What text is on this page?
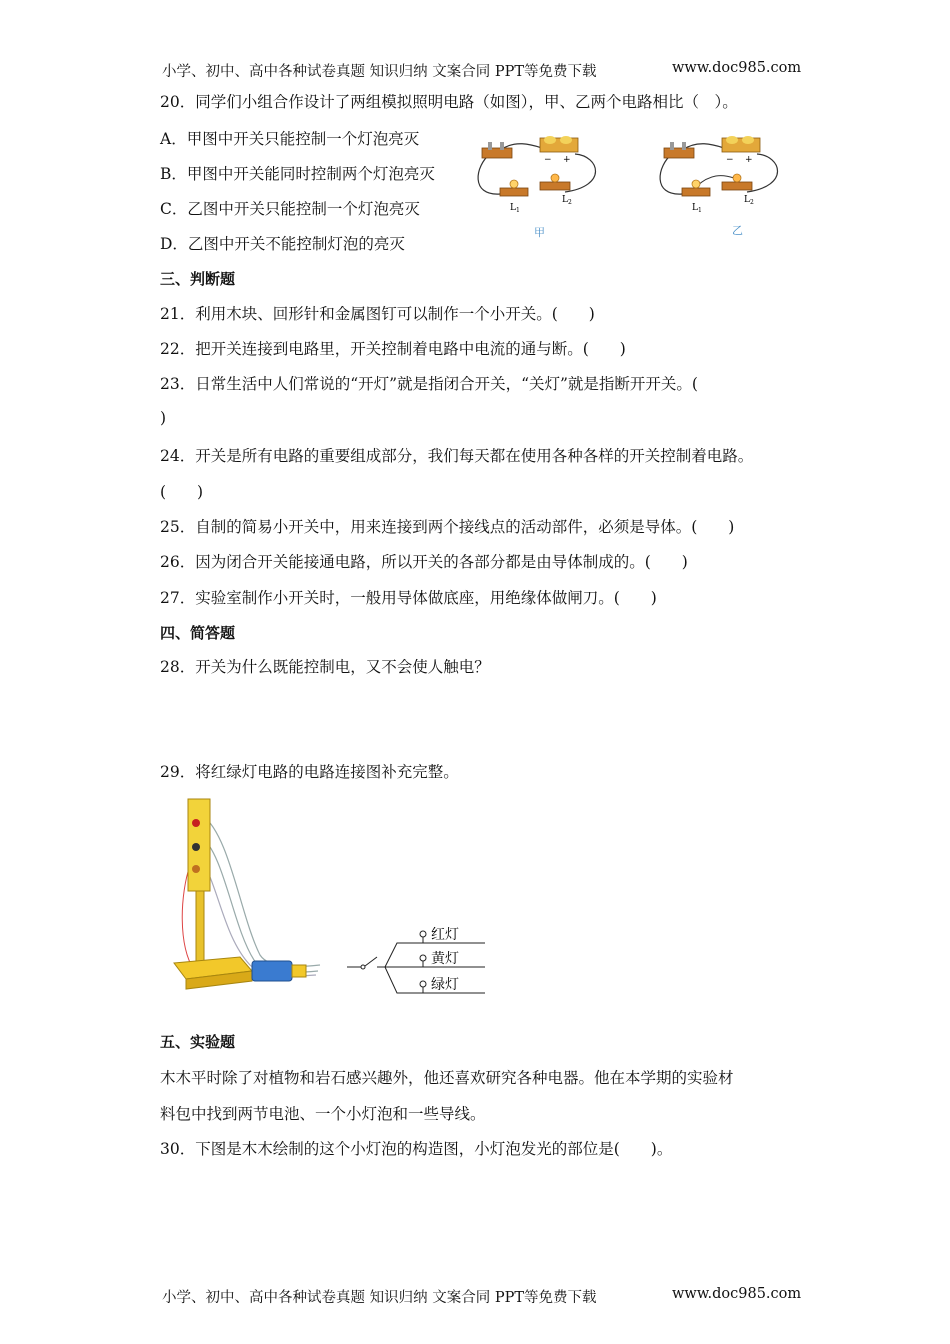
小学、初中、高中各种试卷真题 知识归纳 文案合同 PPT等免费下载	www.doc985.com
20．同学们小组合作设计了两组模拟照明电路（如图），甲、乙两个电路相比（　）。
A．甲图中开关只能控制一个灯泡亮灭
B．甲图中开关能同时控制两个灯泡亮灭
C．乙图中开关只能控制一个灯泡亮灭
D．乙图中开关不能控制灯泡的亮灭
− +
$L_1$
$L_2$
甲
− +
$L_1$
$L_2$
乙
三、判断题
21．利用木块、回形针和金属图钉可以制作一个小开关。(　　)
22．把开关连接到电路里，开关控制着电路中电流的通与断。(　　)
23．日常生活中人们常说的“开灯”就是指闭合开关，“关灯”就是指断开开关。(
)
24．开关是所有电路的重要组成部分，我们每天都在使用各种各样的开关控制着电路。
(　　)
25．自制的简易小开关中，用来连接到两个接线点的活动部件，必须是导体。(　　)
26．因为闭合开关能接通电路，所以开关的各部分都是由导体制成的。(　　)
27．实验室制作小开关时，一般用导体做底座，用绝缘体做闸刀。(　　)
四、简答题
28．开关为什么既能控制电，又不会使人触电？
29．将红绿灯电路的电路连接图补充完整。
红灯
黄灯
绿灯
五、实验题
木木平时除了对植物和岩石感兴趣外，他还喜欢研究各种电器。他在本学期的实验材
料包中找到两节电池、一个小灯泡和一些导线。
30．下图是木木绘制的这个小灯泡的构造图，小灯泡发光的部位是(　　)。
小学、初中、高中各种试卷真题 知识归纳 文案合同 PPT等免费下载	www.doc985.com
